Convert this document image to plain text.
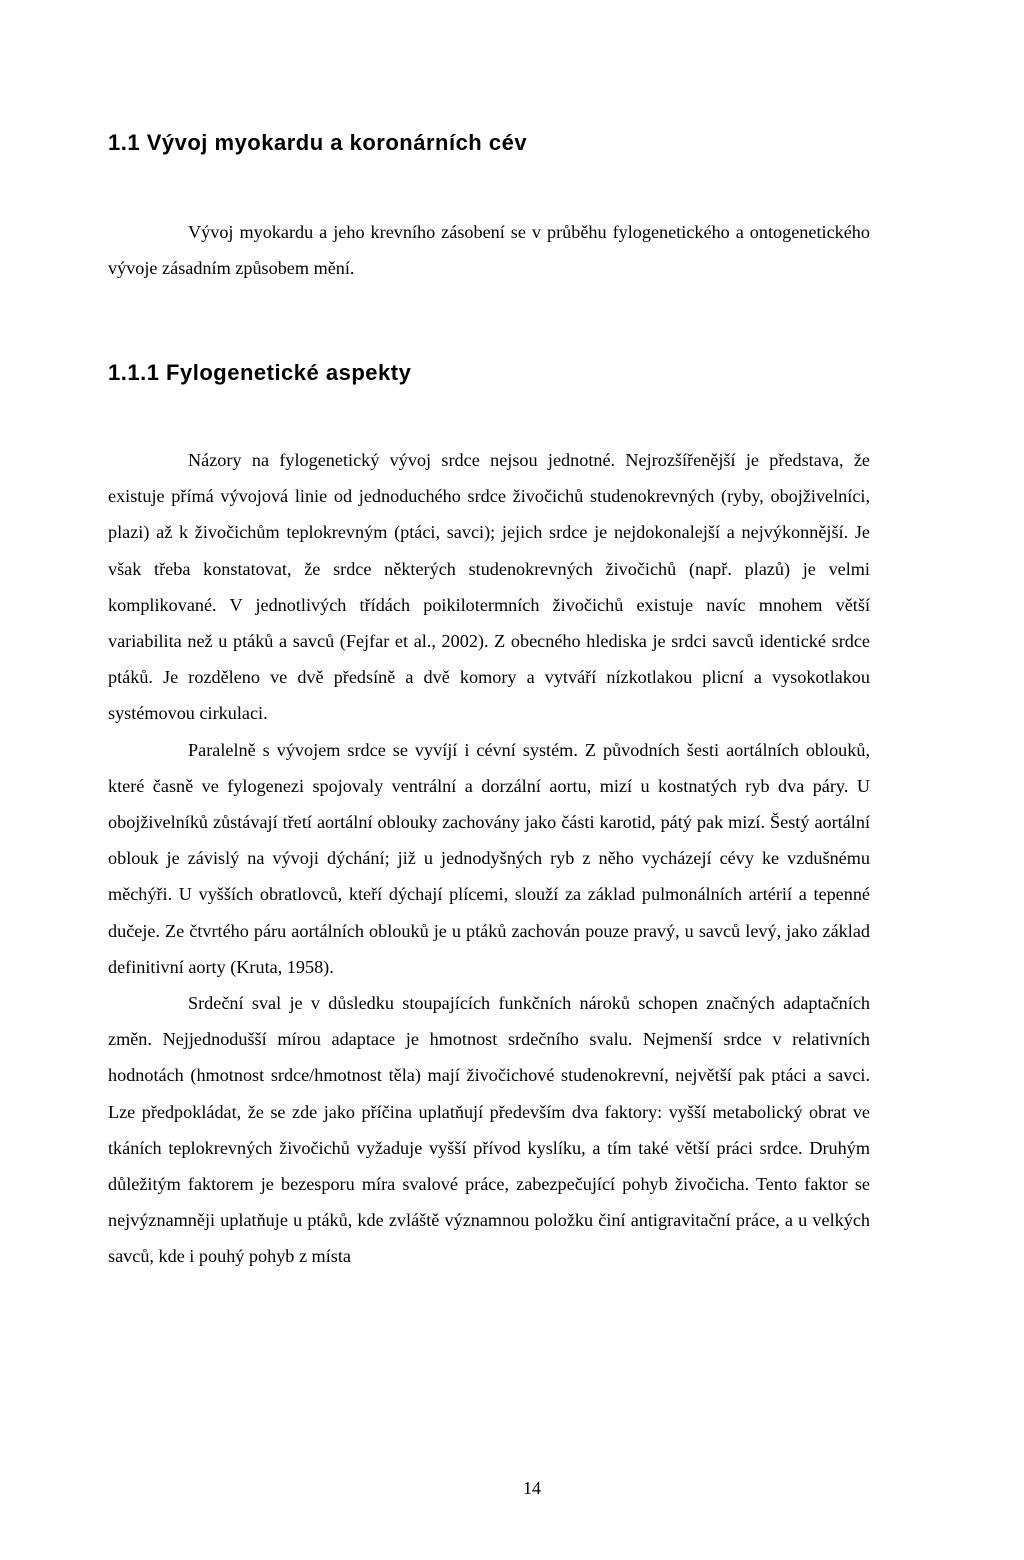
1.1 Vývoj myokardu a koronárních cév

Vývoj myokardu a jeho krevního zásobení se v průběhu fylogenetického a ontogenetického vývoje zásadním způsobem mění.

1.1.1 Fylogenetické aspekty

Názory na fylogenetický vývoj srdce nejsou jednotné. Nejrozšířenější je představa, že existuje přímá vývojová linie od jednoduchého srdce živočichů studenokrevných (ryby, obojživelníci, plazi) až k živočichům teplokrevným (ptáci, savci); jejich srdce je nejdokonalejší a nejvýkonnější. Je však třeba konstatovat, že srdce některých studenokrevných živočichů (např. plazů) je velmi komplikované. V jednotlivých třídách poikilotermních živočichů existuje navíc mnohem větší variabilita než u ptáků a savců (Fejfar et al., 2002). Z obecného hlediska je srdci savců identické srdce ptáků. Je rozděleno ve dvě předsíně a dvě komory a vytváří nízkotlakou plicní a vysokotlakou systémovou cirkulaci.

Paralelně s vývojem srdce se vyvíjí i cévní systém. Z původních šesti aortálních oblouků, které časně ve fylogenezi spojovaly ventrální a dorzální aortu, mizí u kostnatých ryb dva páry. U obojživelníků zůstávají třetí aortální oblouky zachovány jako části karotid, pátý pak mizí. Šestý aortální oblouk je závislý na vývoji dýchání; již u jednodyšných ryb z něho vycházejí cévy ke vzdušnému měchýři. U vyšších obratlovců, kteří dýchají plícemi, slouží za základ pulmonálních artérií a tepenné dučeje. Ze čtvrtého páru aortálních oblouků je u ptáků zachován pouze pravý, u savců levý, jako základ definitivní aorty (Kruta, 1958).

Srdeční sval je v důsledku stoupajících funkčních nároků schopen značných adaptačních změn. Nejjednodušší mírou adaptace je hmotnost srdečního svalu. Nejmenší srdce v relativních hodnotách (hmotnost srdce/hmotnost těla) mají živočichové studenokrevní, největší pak ptáci a savci. Lze předpokládat, že se zde jako příčina uplatňují především dva faktory: vyšší metabolický obrat ve tkáních teplokrevných živočichů vyžaduje vyšší přívod kyslíku, a tím také větší práci srdce. Druhým důležitým faktorem je bezesporu míra svalové práce, zabezpečující pohyb živočicha. Tento faktor se nejvýznamněji uplatňuje u ptáků, kde zvláště významnou položku činí antigravitační práce, a u velkých savců, kde i pouhý pohyb z místa

14
